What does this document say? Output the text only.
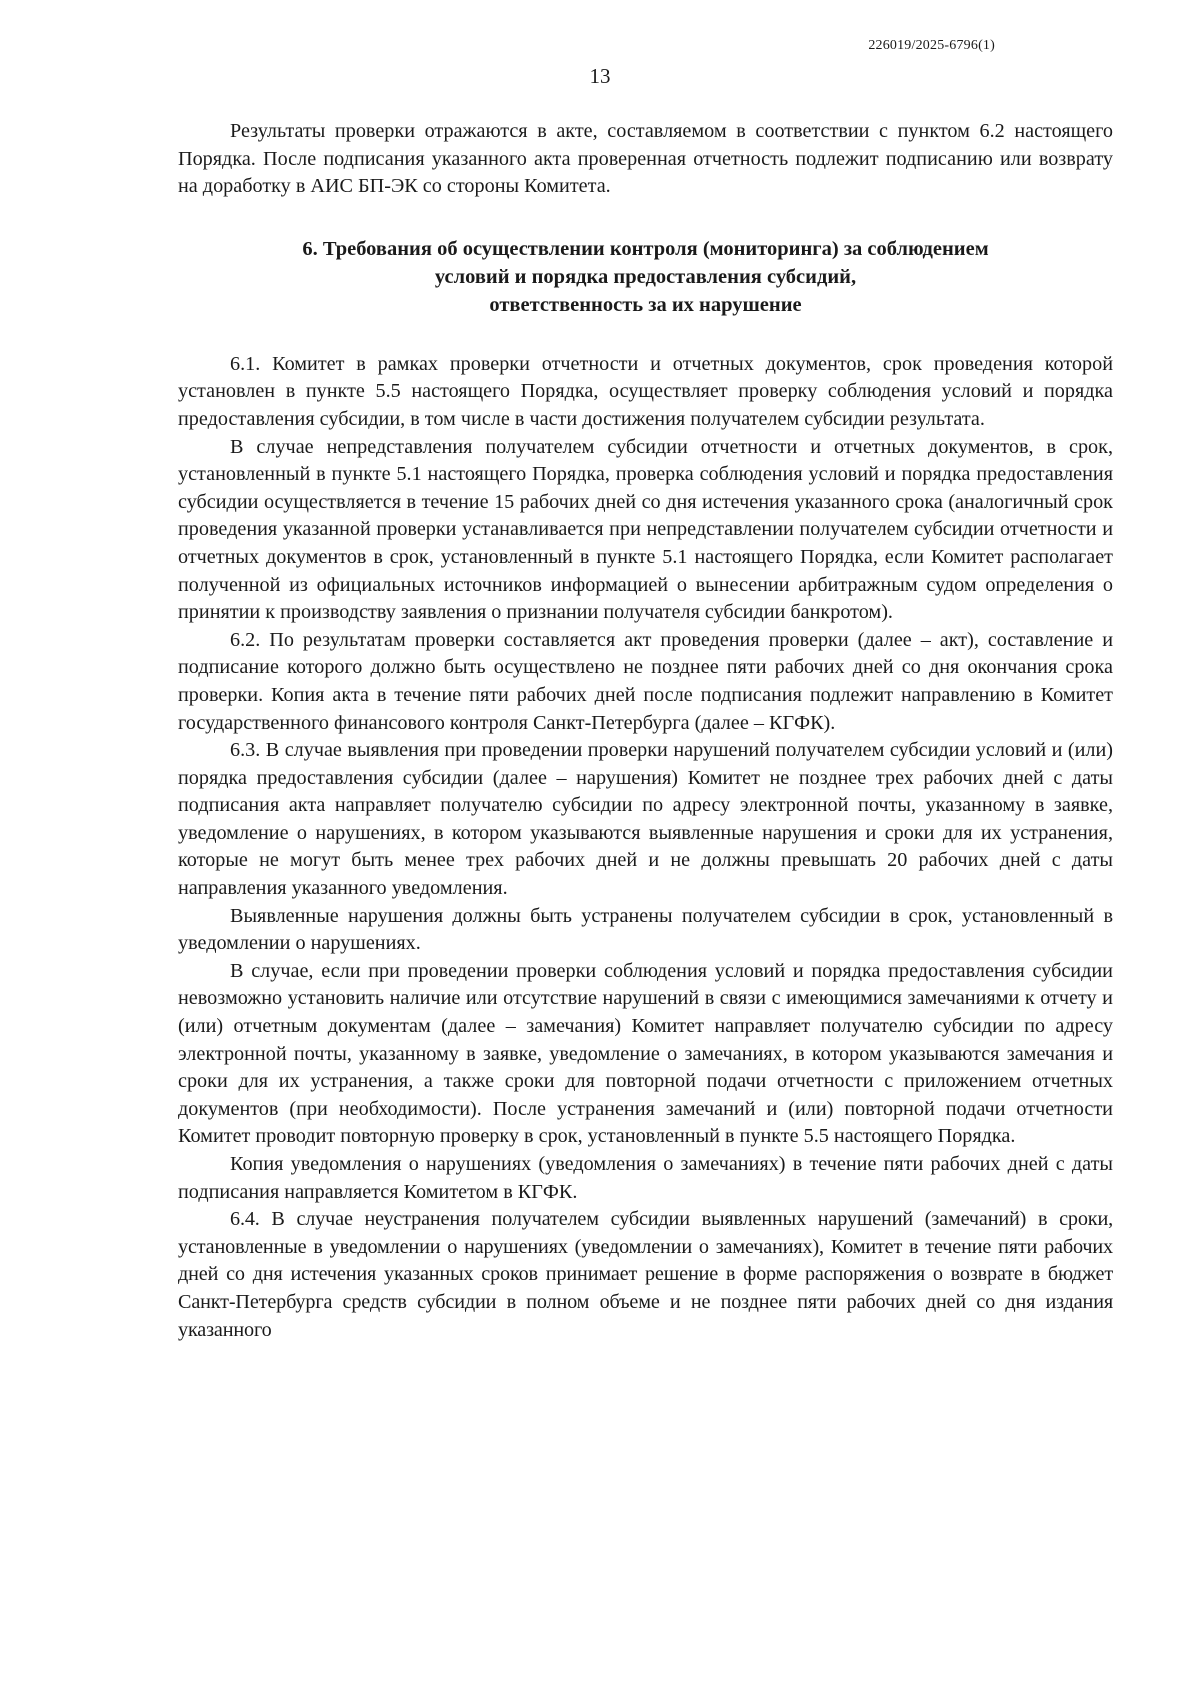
226019/2025-6796(1)
13

Результаты проверки отражаются в акте, составляемом в соответствии с пунктом 6.2 настоящего Порядка. После подписания указанного акта проверенная отчетность подлежит подписанию или возврату на доработку в АИС БП-ЭК со стороны Комитета.

6. Требования об осуществлении контроля (мониторинга) за соблюдением
условий и порядка предоставления субсидий,
ответственность за их нарушение

6.1. Комитет в рамках проверки отчетности и отчетных документов, срок проведения которой установлен в пункте 5.5 настоящего Порядка, осуществляет проверку соблюдения условий и порядка предоставления субсидии, в том числе в части достижения получателем субсидии результата.

В случае непредставления получателем субсидии отчетности и отчетных документов, в срок, установленный в пункте 5.1 настоящего Порядка, проверка соблюдения условий и порядка предоставления субсидии осуществляется в течение 15 рабочих дней со дня истечения указанного срока (аналогичный срок проведения указанной проверки устанавливается при непредставлении получателем субсидии отчетности и отчетных документов в срок, установленный в пункте 5.1 настоящего Порядка, если Комитет располагает полученной из официальных источников информацией о вынесении арбитражным судом определения о принятии к производству заявления о признании получателя субсидии банкротом).

6.2. По результатам проверки составляется акт проведения проверки (далее – акт), составление и подписание которого должно быть осуществлено не позднее пяти рабочих дней со дня окончания срока проверки. Копия акта в течение пяти рабочих дней после подписания подлежит направлению в Комитет государственного финансового контроля Санкт-Петербурга (далее – КГФК).

6.3. В случае выявления при проведении проверки нарушений получателем субсидии условий и (или) порядка предоставления субсидии (далее – нарушения) Комитет не позднее трех рабочих дней с даты подписания акта направляет получателю субсидии по адресу электронной почты, указанному в заявке, уведомление о нарушениях, в котором указываются выявленные нарушения и сроки для их устранения, которые не могут быть менее трех рабочих дней и не должны превышать 20 рабочих дней с даты направления указанного уведомления.

Выявленные нарушения должны быть устранены получателем субсидии в срок, установленный в уведомлении о нарушениях.

В случае, если при проведении проверки соблюдения условий и порядка предоставления субсидии невозможно установить наличие или отсутствие нарушений в связи с имеющимися замечаниями к отчету и (или) отчетным документам (далее – замечания) Комитет направляет получателю субсидии по адресу электронной почты, указанному в заявке, уведомление о замечаниях, в котором указываются замечания и сроки для их устранения, а также сроки для повторной подачи отчетности с приложением отчетных документов (при необходимости). После устранения замечаний и (или) повторной подачи отчетности Комитет проводит повторную проверку в срок, установленный в пункте 5.5 настоящего Порядка.

Копия уведомления о нарушениях (уведомления о замечаниях) в течение пяти рабочих дней с даты подписания направляется Комитетом в КГФК.

6.4. В случае неустранения получателем субсидии выявленных нарушений (замечаний) в сроки, установленные в уведомлении о нарушениях (уведомлении о замечаниях), Комитет в течение пяти рабочих дней со дня истечения указанных сроков принимает решение в форме распоряжения о возврате в бюджет Санкт-Петербурга средств субсидии в полном объеме и не позднее пяти рабочих дней со дня издания указанного
